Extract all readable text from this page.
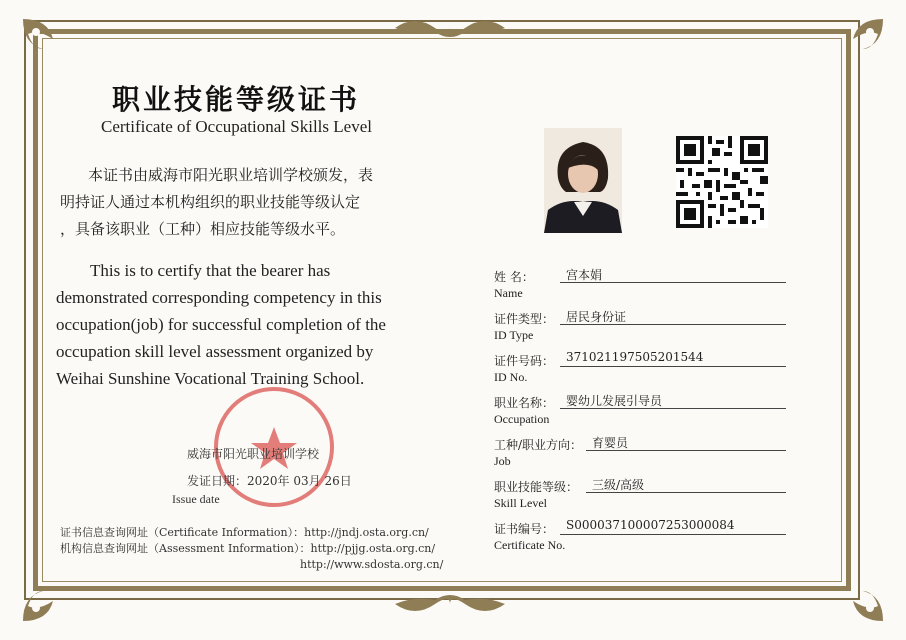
职业技能等级证书
Certificate of Occupational Skills Level
本证书由威海市阳光职业培训学校颁发，表
明持证人通过本机构组织的职业技能等级认定
，具备该职业（工种）相应技能等级水平。
This is to certify that the bearer has
demonstrated corresponding competency in this
occupation(job) for successful completion of the
occupation skill level assessment organized by
Weihai Sunshine Vocational Training School.
威海市阳光职业培训学校
发证日期：2020年 03月 26日
Issue date
证书信息查询网址（Certificate Information）：http://jndj.osta.org.cn/
机构信息查询网址（Assessment Information）：http://pjjg.osta.org.cn/
http://www.sdosta.org.cn/
姓 名：	宫本娟
Name
证件类型： 居民身份证
ID Type
证件号码： 371021197505201544
ID No.
职业名称： 婴幼儿发展引导员
Occupation
工种/职业方向： 育婴员
Job
职业技能等级： 三级/高级
Skill Level
证书编号： S000037100007253000084
Certificate No.
